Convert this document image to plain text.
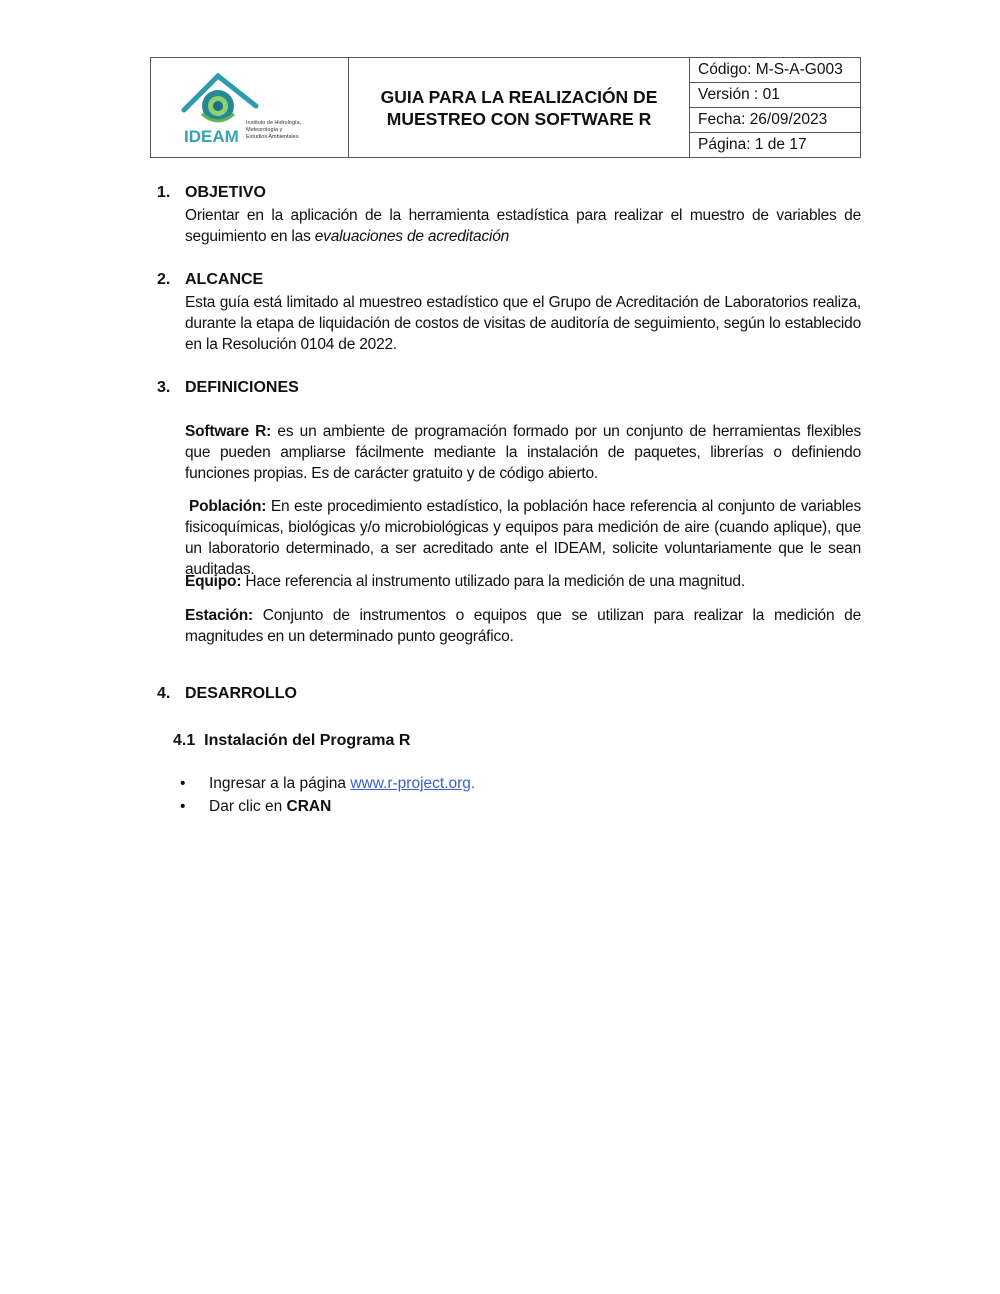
IDEAM
Instituto de Hidrología,
Meteorología y
Estudios Ambientales

GUIA PARA LA REALIZACIÓN DE
MUESTREO CON SOFTWARE R
	Código: M-S-A-G003
Versión : 01
Fecha: 26/09/2023
Página: 1 de 17
1. OBJETIVO
Orientar en la aplicación de la herramienta estadística para realizar el muestro de variables de seguimiento en las evaluaciones de acreditación
2. ALCANCE
Esta guía está limitado al muestreo estadístico que el Grupo de Acreditación de Laboratorios realiza, durante la etapa de liquidación de costos de visitas de auditoría de seguimiento, según lo establecido en la Resolución 0104 de 2022.
3. DEFINICIONES
Software R: es un ambiente de programación formado por un conjunto de herramientas flexibles que pueden ampliarse fácilmente mediante la instalación de paquetes, librerías o definiendo funciones propias. Es de carácter gratuito y de código abierto.
Población: En este procedimiento estadístico, la población hace referencia al conjunto de variables fisicoquímicas, biológicas y/o microbiológicas y equipos para medición de aire (cuando aplique), que un laboratorio determinado, a ser acreditado ante el IDEAM, solicite voluntariamente que le sean auditadas.
Equipo: Hace referencia al instrumento utilizado para la medición de una magnitud.
Estación: Conjunto de instrumentos o equipos que se utilizan para realizar la medición de magnitudes en un determinado punto geográfico.
4. DESARROLLO
4.1  Instalación del Programa R
• Ingresar a la página www.r-project.org.
• Dar clic en CRAN
